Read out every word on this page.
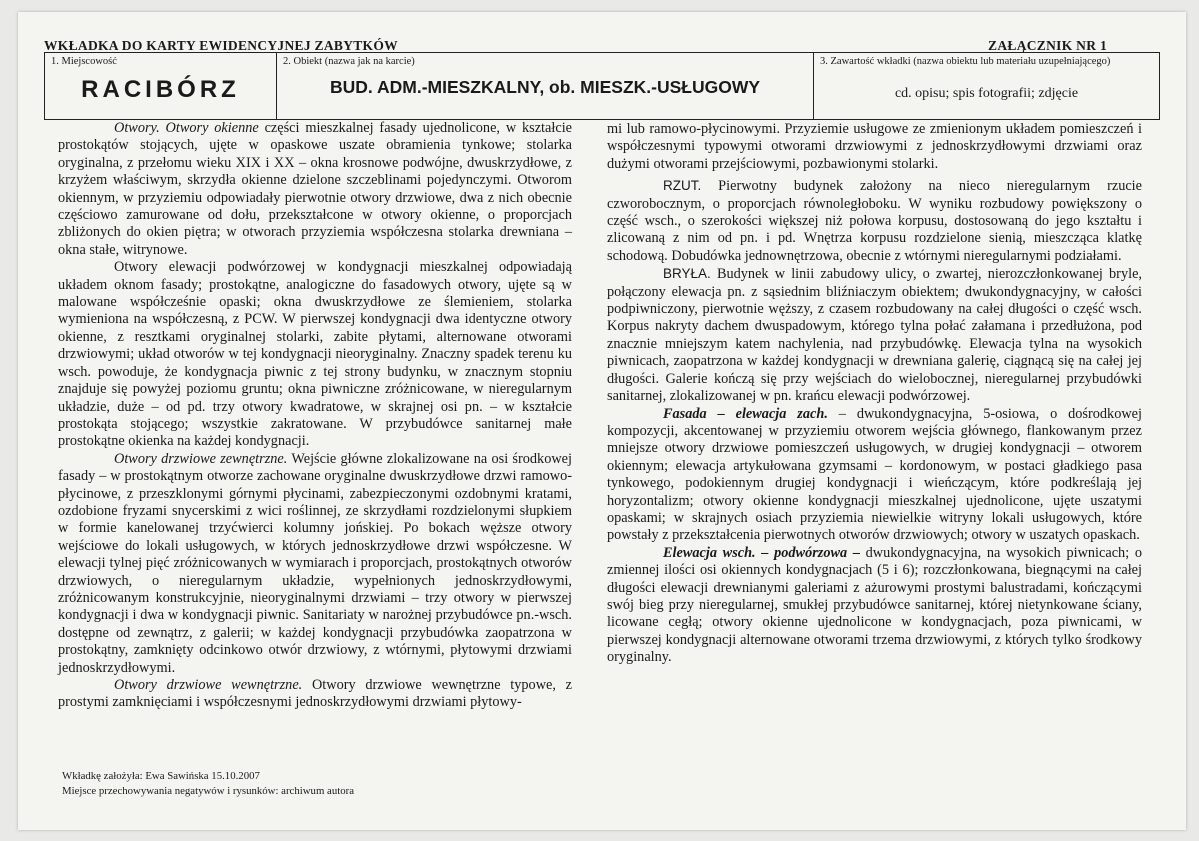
WKŁADKA DO KARTY EWIDENCYJNEJ ZABYTKÓW	ZAŁĄCZNIK NR 1
1. Miejscowość
RACIBÓRZ
2. Obiekt (nazwa jak na karcie)
BUD. ADM.-MIESZKALNY, ob. MIESZK.-USŁUGOWY
3. Zawartość wkładki (nazwa obiektu lub materiału uzupełniającego)
cd. opisu; spis fotografii; zdjęcie

Otwory. Otwory okienne części mieszkalnej fasady ujednolicone, w kształcie prostokątów stojących, ujęte w opaskowe uszate obramienia tynkowe; stolarka oryginalna, z przełomu wieku XIX i XX – okna krosnowe podwójne, dwuskrzydłowe, z krzyżem właściwym, skrzydła okienne dzielone szczeblinami pojedynczymi. Otworom okiennym, w przyziemiu odpowiadały pierwotnie otwory drzwiowe, dwa z nich obecnie częściowo zamurowane od dołu, przekształcone w otwory okienne, o proporcjach zbliżonych do okien piętra; w otworach przyziemia współczesna stolarka drewniana – okna stałe, witrynowe.

Otwory elewacji podwórzowej w kondygnacji mieszkalnej odpowiadają układem oknom fasady; prostokątne, analogiczne do fasadowych otwory, ujęte są w malowane współcześnie opaski; okna dwuskrzydłowe ze ślemieniem, stolarka wymieniona na współczesną, z PCW. W pierwszej kondygnacji dwa identyczne otwory okienne, z resztkami oryginalnej stolarki, zabite płytami, alternowane otworami drzwiowymi; układ otworów w tej kondygnacji nieoryginalny. Znaczny spadek terenu ku wsch. powoduje, że kondygnacja piwnic z tej strony budynku, w znacznym stopniu znajduje się powyżej poziomu gruntu; okna piwniczne zróżnicowane, w nieregularnym układzie, duże – od pd. trzy otwory kwadratowe, w skrajnej osi pn. – w kształcie prostokąta stojącego; wszystkie zakratowane. W przybudówce sanitarnej małe prostokątne okienka na każdej kondygnacji.

Otwory drzwiowe zewnętrzne. Wejście główne zlokalizowane na osi środkowej fasady – w prostokątnym otworze zachowane oryginalne dwuskrzydłowe drzwi ramowo-płycinowe, z przeszklonymi górnymi płycinami, zabezpieczonymi ozdobnymi kratami, ozdobione fryzami snycerskimi z wici roślinnej, ze skrzydłami rozdzielonymi słupkiem w formie kanelowanej trzyćwierci kolumny jońskiej. Po bokach węższe otwory wejściowe do lokali usługowych, w których jednoskrzydłowe drzwi współczesne. W elewacji tylnej pięć zróżnicowanych w wymiarach i proporcjach, prostokątnych otworów drzwiowych, o nieregularnym układzie, wypełnionych jednoskrzydłowymi, zróżnicowanym konstrukcyjnie, nieoryginalnymi drzwiami – trzy otwory w pierwszej kondygnacji i dwa w kondygnacji piwnic. Sanitariaty w narożnej przybudówce pn.-wsch. dostępne od zewnątrz, z galerii; w każdej kondygnacji przybudówka zaopatrzona w prostokątny, zamknięty odcinkowo otwór drzwiowy, z wtórnymi, płytowymi drzwiami jednoskrzydłowymi.

Otwory drzwiowe wewnętrzne. Otwory drzwiowe wewnętrzne typowe, z prostymi zamknięciami i współczesnymi jednoskrzydłowymi drzwiami płytowy-

mi lub ramowo-płycinowymi. Przyziemie usługowe ze zmienionym układem pomieszczeń i współczesnymi typowymi otworami drzwiowymi z jednoskrzydłowymi drzwiami oraz dużymi otworami przejściowymi, pozbawionymi stolarki.

RZUT. Pierwotny budynek założony na nieco nieregularnym rzucie czworobocznym, o proporcjach równoległoboku. W wyniku rozbudowy powiększony o część wsch., o szerokości większej niż połowa korpusu, dostosowaną do jego kształtu i zlicowaną z nim od pn. i pd. Wnętrza korpusu rozdzielone sienią, mieszcząca klatkę schodową. Dobudówka jednownętrzowa, obecnie z wtórnymi nieregularnymi podziałami.

BRYŁA. Budynek w linii zabudowy ulicy, o zwartej, nierozczłonkowanej bryle, połączony elewacja pn. z sąsiednim bliźniaczym obiektem; dwukondygnacyjny, w całości podpiwniczony, pierwotnie węższy, z czasem rozbudowany na całej długości o część wsch. Korpus nakryty dachem dwuspadowym, którego tylna połać załamana i przedłużona, pod znacznie mniejszym katem nachylenia, nad przybudówkę. Elewacja tylna na wysokich piwnicach, zaopatrzona w każdej kondygnacji w drewniana galerię, ciągnącą się na całej jej długości. Galerie kończą się przy wejściach do wielobocznej, nieregularnej przybudówki sanitarnej, zlokalizowanej w pn. krańcu elewacji podwórzowej.

Fasada – elewacja zach. – dwukondygnacyjna, 5-osiowa, o dośrodkowej kompozycji, akcentowanej w przyziemiu otworem wejścia głównego, flankowanym przez mniejsze otwory drzwiowe pomieszczeń usługowych, w drugiej kondygnacji – otworem okiennym; elewacja artykułowana gzymsami – kordonowym, w postaci gładkiego pasa tynkowego, podokiennym drugiej kondygnacji i wieńczącym, które podkreślają jej horyzontalizm; otwory okienne kondygnacji mieszkalnej ujednolicone, ujęte uszatymi opaskami; w skrajnych osiach przyziemia niewielkie witryny lokali usługowych, które powstały z przekształcenia pierwotnych otworów drzwiowych; otwory w uszatych opaskach.

Elewacja wsch. – podwórzowa – dwukondygnacyjna, na wysokich piwnicach; o zmiennej ilości osi okiennych kondygnacjach (5 i 6); rozczłonkowana, biegnącymi na całej długości elewacji drewnianymi galeriami z ażurowymi prostymi balustradami, kończącymi swój bieg przy nieregularnej, smukłej przybudówce sanitarnej, której nietynkowane ściany, licowane cegłą; otwory okienne ujednolicone w kondygnacjach, poza piwnicami, w pierwszej kondygnacji alternowane otworami trzema drzwiowymi, z których tylko środkowy oryginalny.

Wkładkę założyła: Ewa Sawińska 15.10.2007
Miejsce przechowywania negatywów i rysunków: archiwum autora
